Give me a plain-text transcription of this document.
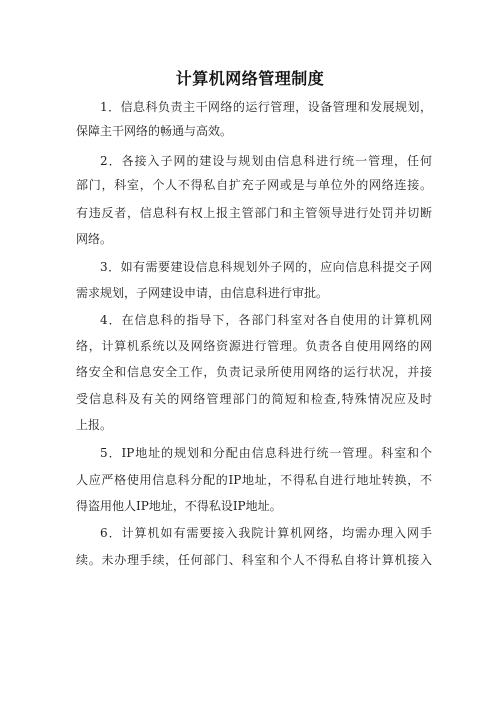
计算机网络管理制度
1．信息科负责主干网络的运行管理，设备管理和发展规划，
保障主干网络的畅通与高效。
2．各接入子网的建设与规划由信息科进行统一管理，任何
部门，科室，个人不得私自扩充子网或是与单位外的网络连接。
有违反者，信息科有权上报主管部门和主管领导进行处罚并切断
网络。
3．如有需要建设信息科规划外子网的，应向信息科提交子网
需求规划，子网建设申请，由信息科进行审批。
4．在信息科的指导下，各部门科室对各自使用的计算机网
络，计算机系统以及网络资源进行管理。负责各自使用网络的网
络安全和信息安全工作，负责记录所使用网络的运行状况，并接
受信息科及有关的网络管理部门的简短和检查,特殊情况应及时
上报。
5．IP地址的规划和分配由信息科进行统一管理。科室和个
人应严格使用信息科分配的IP地址，不得私自进行地址转换，不
得盗用他人IP地址，不得私设IP地址。
6．计算机如有需要接入我院计算机网络，均需办理入网手
续。未办理手续，任何部门、科室和个人不得私自将计算机接入
